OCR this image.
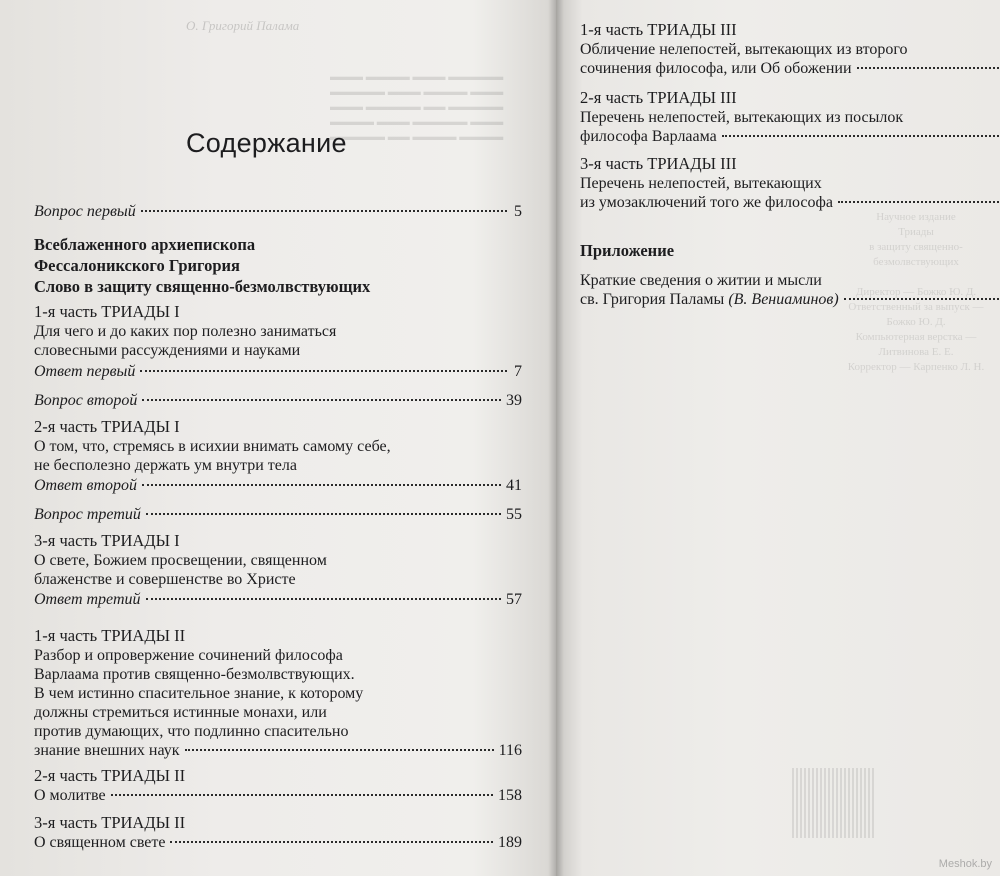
О. Григорий Палама
▬▬▬ ▬▬▬▬ ▬▬▬ ▬▬▬▬▬
▬▬▬▬▬ ▬▬▬ ▬▬▬▬ ▬▬▬
▬▬▬ ▬▬▬▬▬ ▬▬ ▬▬▬▬▬
▬▬▬▬ ▬▬▬ ▬▬▬▬▬ ▬▬▬
▬▬▬▬▬ ▬▬ ▬▬▬▬ ▬▬▬▬
Содержание
Вопрос первый	5
Всеблаженного архиепископа
Фессалоникского Григория
Слово в защиту священно-безмолвствующих
1-я часть ТРИАДЫ I
Для чего и до каких пор полезно заниматься
словесными рассуждениями и науками
Ответ первый	7
Вопрос второй	39
2-я часть ТРИАДЫ I
О том, что, стремясь в исихии внимать самому себе,
не бесполезно держать ум внутри тела
Ответ второй	41
Вопрос третий	55
3-я часть ТРИАДЫ I
О свете, Божием просвещении, священном
блаженстве и совершенстве во Христе
Ответ третий	57
1-я часть ТРИАДЫ II
Разбор и опровержение сочинений философа
Варлаама против священно-безмолвствующих.
В чем истинно спасительное знание, к которому
должны стремиться истинные монахи, или
против думающих, что подлинно спасительно
знание внешних наук	116
2-я часть ТРИАДЫ II
О молитве	158
3-я часть ТРИАДЫ II
О священном свете	189
Научное издание
Триады
в защиту священно-безмолвствующих

Директор — Божко Ю. Д.
Ответственный за выпуск — Божко Ю. Д.
Компьютерная верстка — Литвинова Е. Е.
Корректор — Карпенко Л. Н.
1-я часть ТРИАДЫ III
Обличение нелепостей, вытекающих из второго
сочинения философа, или Об обожении
2-я часть ТРИАДЫ III
Перечень нелепостей, вытекающих из посылок
философа Варлаама
3-я часть ТРИАДЫ III
Перечень нелепостей, вытекающих
из умозаключений того же философа
Приложение
Краткие сведения о житии и мысли
св. Григория Паламы (В. Вениаминов)
Meshok.by
